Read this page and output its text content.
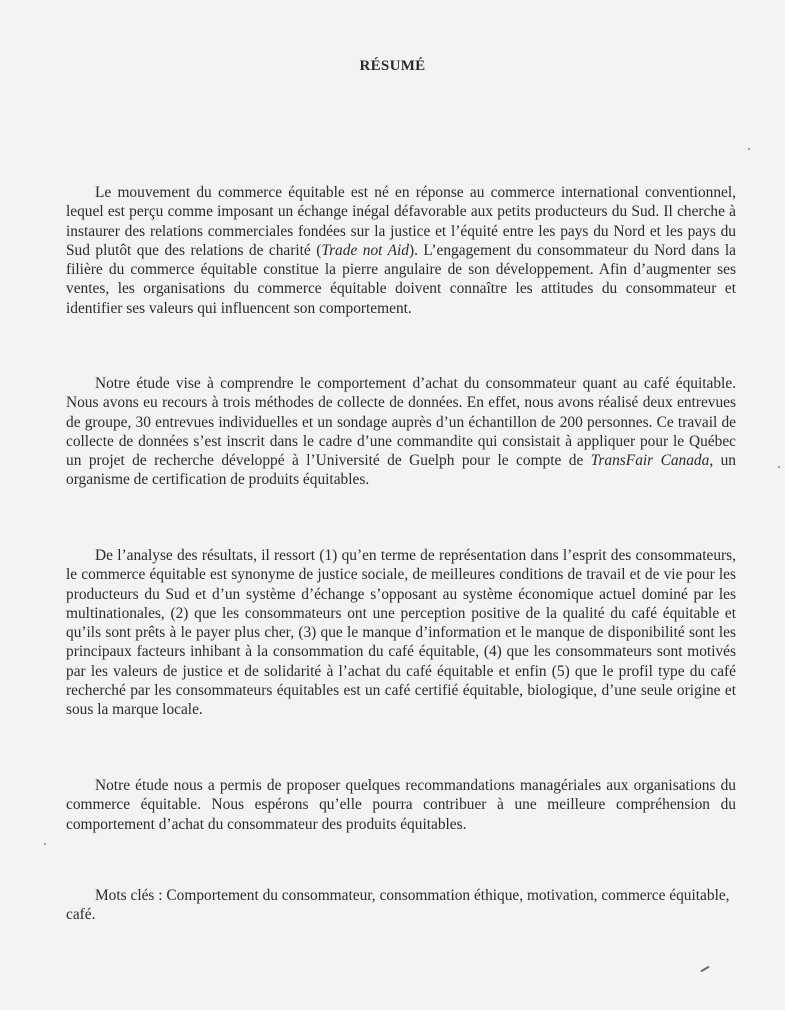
RÉSUMÉ

Le mouvement du commerce équitable est né en réponse au commerce international conventionnel, lequel est perçu comme imposant un échange inégal défavorable aux petits producteurs du Sud. Il cherche à instaurer des relations commerciales fondées sur la justice et l’équité entre les pays du Nord et les pays du Sud plutôt que des relations de charité (Trade not Aid). L’engagement du consommateur du Nord dans la filière du commerce équitable constitue la pierre angulaire de son développement. Afin d’augmenter ses ventes, les organisations du commerce équitable doivent connaître les attitudes du consommateur et identifier ses valeurs qui influencent son comportement.

Notre étude vise à comprendre le comportement d’achat du consommateur quant au café équitable. Nous avons eu recours à trois méthodes de collecte de données. En effet, nous avons réalisé deux entrevues de groupe, 30 entrevues individuelles et un sondage auprès d’un échantillon de 200 personnes. Ce travail de collecte de données s’est inscrit dans le cadre d’une commandite qui consistait à appliquer pour le Québec un projet de recherche développé à l’Université de Guelph pour le compte de TransFair Canada, un organisme de certification de produits équitables.

De l’analyse des résultats, il ressort (1) qu’en terme de représentation dans l’esprit des consommateurs, le commerce équitable est synonyme de justice sociale, de meilleures conditions de travail et de vie pour les producteurs du Sud et d’un système d’échange s’opposant au système économique actuel dominé par les multinationales, (2) que les consommateurs ont une perception positive de la qualité du café équitable et qu’ils sont prêts à le payer plus cher, (3) que le manque d’information et le manque de disponibilité sont les principaux facteurs inhibant à la consommation du café équitable, (4) que les consommateurs sont motivés par les valeurs de justice et de solidarité à l’achat du café équitable et enfin (5) que le profil type du café recherché par les consommateurs équitables est un café certifié équitable, biologique, d’une seule origine et sous la marque locale.

Notre étude nous a permis de proposer quelques recommandations managériales aux organisations du commerce équitable. Nous espérons qu’elle pourra contribuer à une meilleure compréhension du comportement d’achat du consommateur des produits équitables.

Mots clés : Comportement du consommateur, consommation éthique, motivation, commerce équitable, café.
